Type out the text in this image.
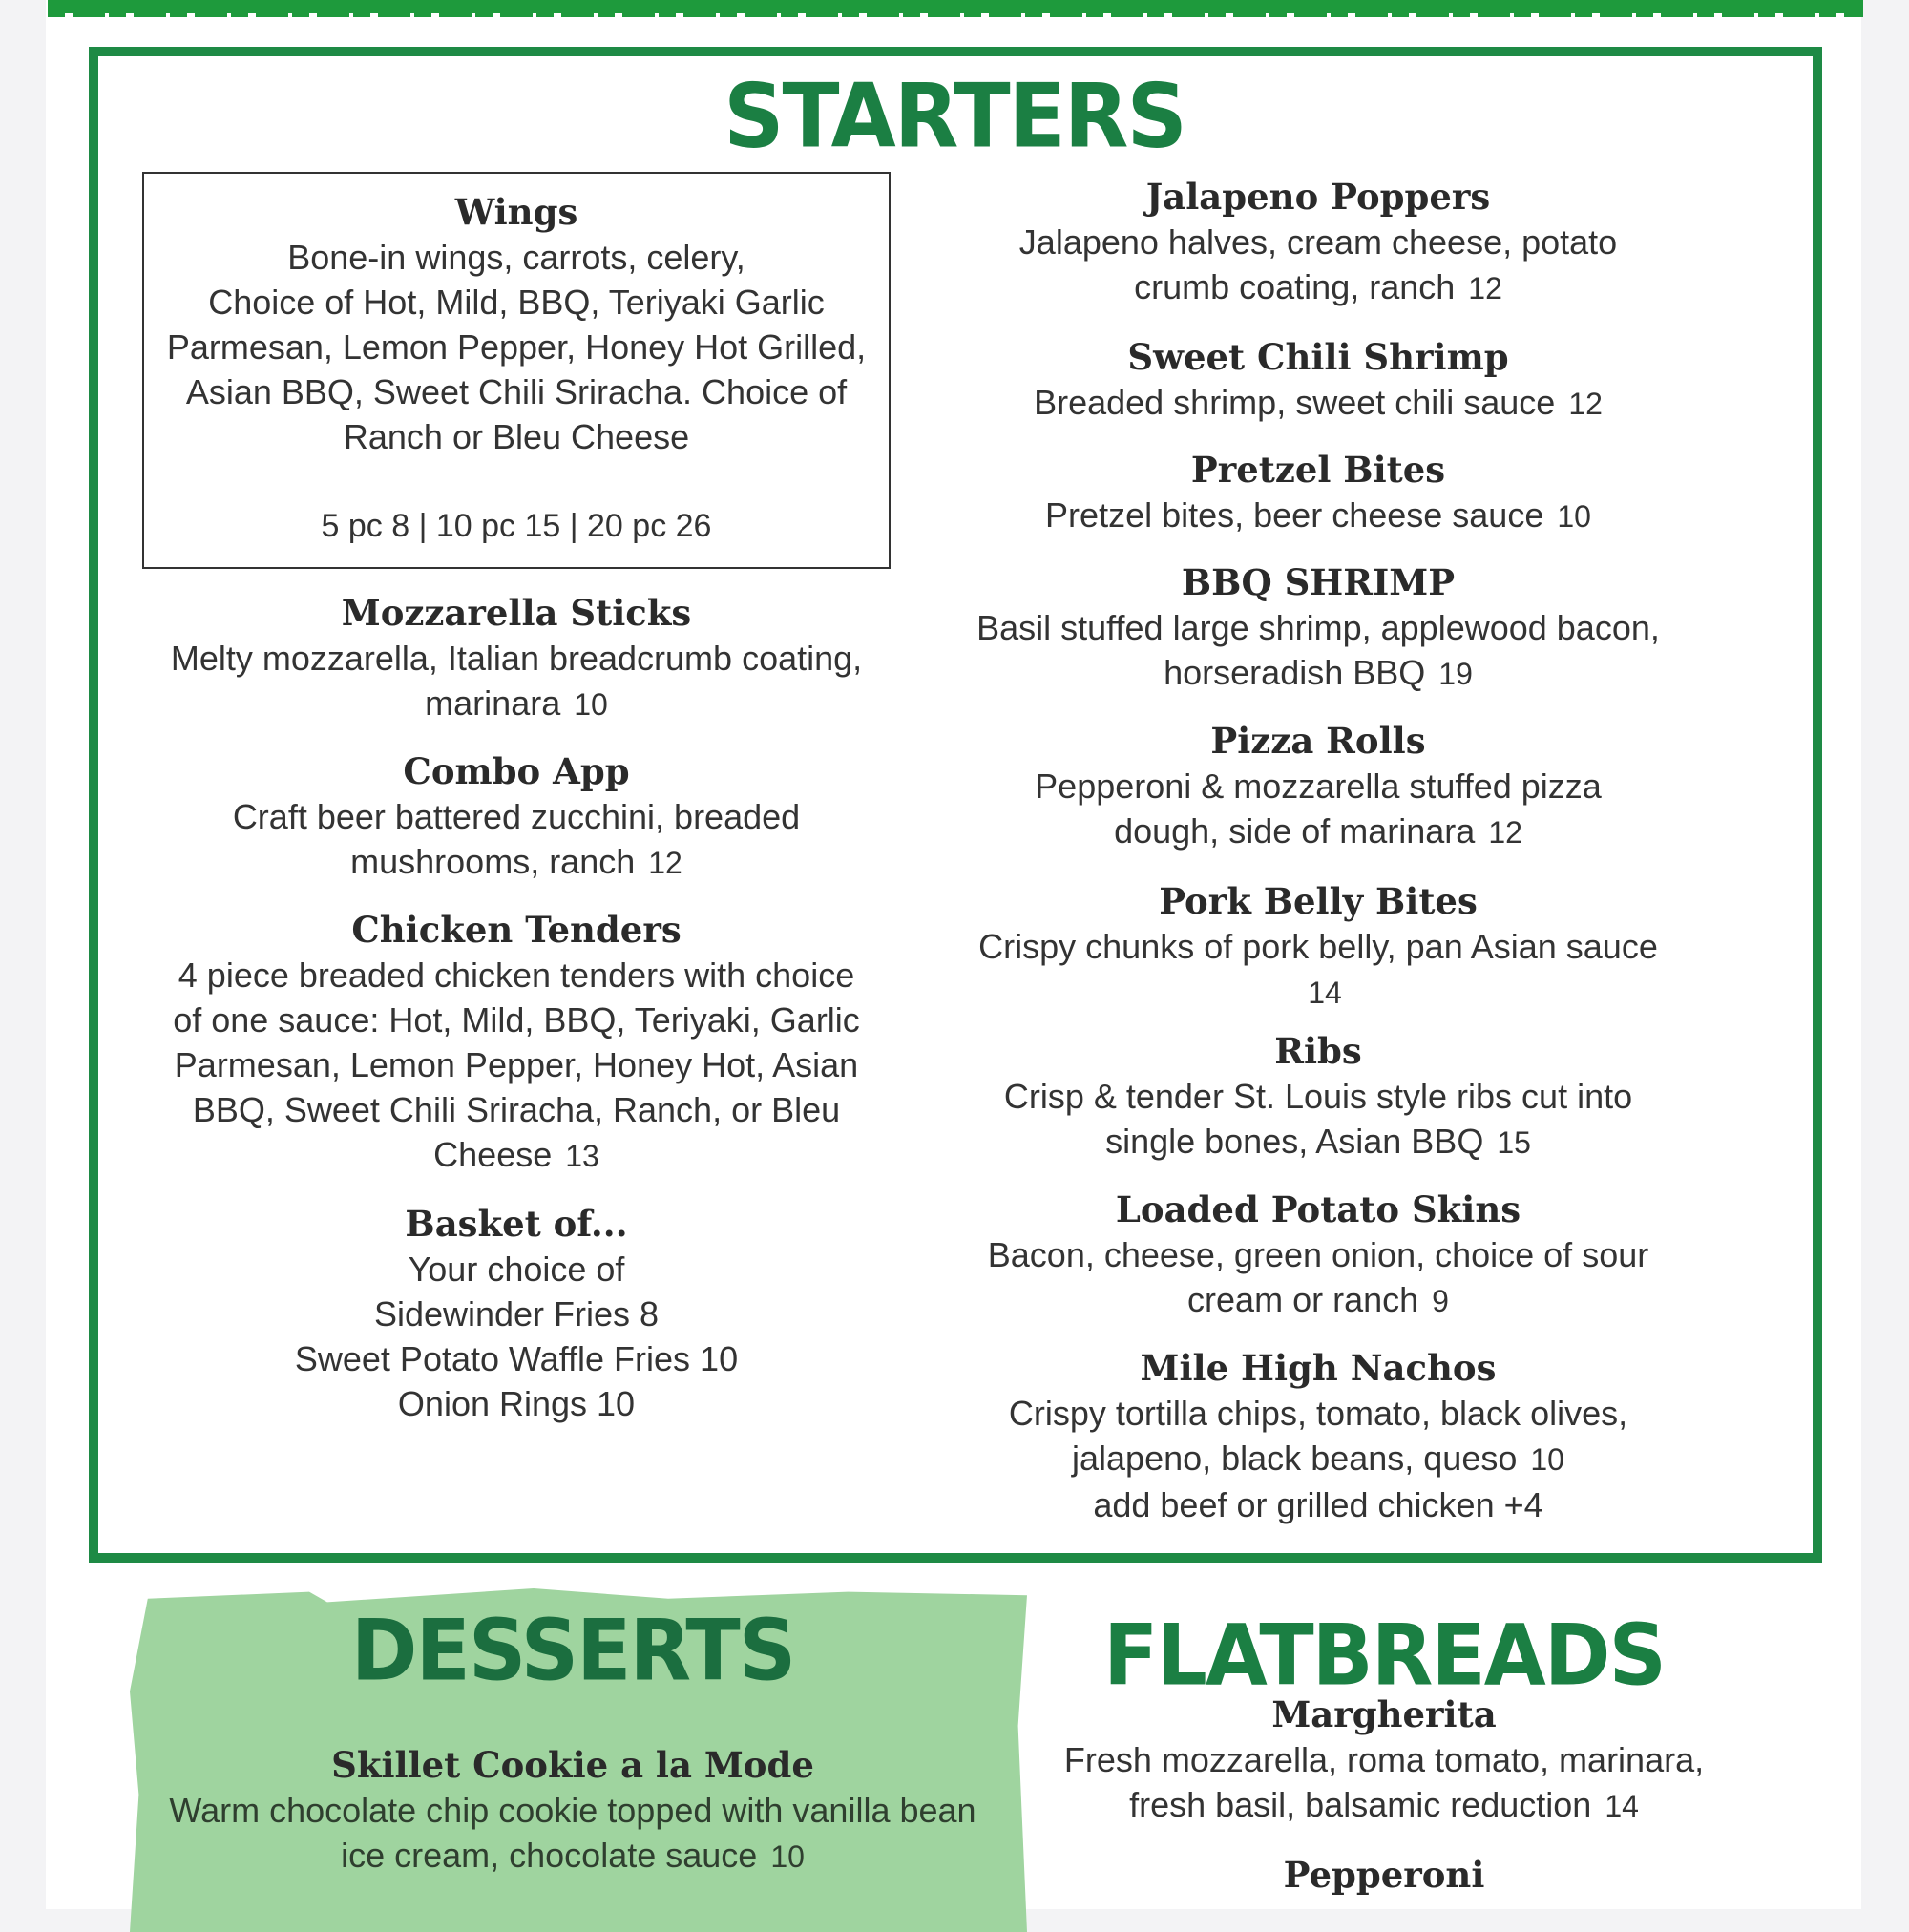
STARTERS
Wings
Bone-in wings, carrots, celery,
Choice of Hot, Mild, BBQ, Teriyaki Garlic
Parmesan, Lemon Pepper, Honey Hot Grilled,
Asian BBQ, Sweet Chili Sriracha. Choice of
Ranch or Bleu Cheese
5 pc 8 | 10 pc 15 | 20 pc 26
Mozzarella Sticks
Melty mozzarella, Italian breadcrumb coating,
marinara 10
Combo App
Craft beer battered zucchini, breaded
mushrooms, ranch 12
Chicken Tenders
4 piece breaded chicken tenders with choice
of one sauce: Hot, Mild, BBQ, Teriyaki, Garlic
Parmesan, Lemon Pepper, Honey Hot, Asian
BBQ, Sweet Chili Sriracha, Ranch, or Bleu
Cheese 13
Basket of...
Your choice of
Sidewinder Fries 8
Sweet Potato Waffle Fries 10
Onion Rings 10
Jalapeno Poppers
Jalapeno halves, cream cheese, potato
crumb coating, ranch 12
Sweet Chili Shrimp
Breaded shrimp, sweet chili sauce 12
Pretzel Bites
Pretzel bites, beer cheese sauce 10
BBQ SHRIMP
Basil stuffed large shrimp, applewood bacon,
horseradish BBQ 19
Pizza Rolls
Pepperoni & mozzarella stuffed pizza
dough, side of marinara 12
Pork Belly Bites
Crispy chunks of pork belly, pan Asian sauce
14
Ribs
Crisp & tender St. Louis style ribs cut into
single bones, Asian BBQ 15
Loaded Potato Skins
Bacon, cheese, green onion, choice of sour
cream or ranch 9
Mile High Nachos
Crispy tortilla chips, tomato, black olives,
jalapeno, black beans, queso 10
add beef or grilled chicken +4
DESSERTS	FLATBREADS
Skillet Cookie a la Mode
Warm chocolate chip cookie topped with vanilla bean
ice cream, chocolate sauce 10
Margherita
Fresh mozzarella, roma tomato, marinara,
fresh basil, balsamic reduction 14
Pepperoni
